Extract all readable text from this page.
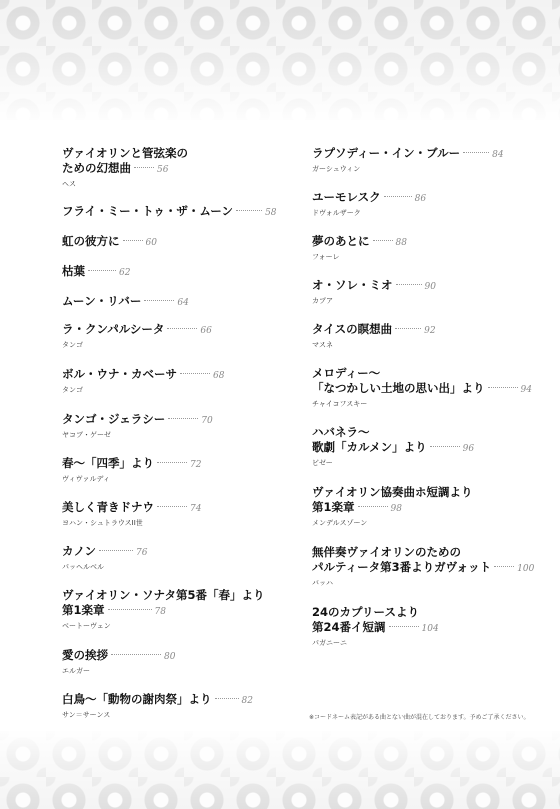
ヴァイオリンと管弦楽の
ための幻想曲	56
ヘス
フライ・ミー・トゥ・ザ・ムーン	58
虹の彼方に	60
枯葉	62
ムーン・リバー	64
ラ・クンパルシータ	66
タンゴ
ボル・ウナ・カベーサ	68
タンゴ
タンゴ・ジェラシー	70
ヤコブ・ゲーゼ
春〜「四季」より	72
ヴィヴァルディ
美しく青きドナウ	74
ヨハン・シュトラウスII世
カノン	76
パッヘルベル
ヴァイオリン・ソナタ第5番「春」より
第1楽章	78
ベートーヴェン
愛の挨拶	80
エルガー
白鳥〜「動物の謝肉祭」より	82
サン＝サーンス
ラプソディー・イン・ブルー	84
ガーシュウィン
ユーモレスク	86
ドヴォルザーク
夢のあとに	88
フォーレ
オ・ソレ・ミオ	90
カプア
タイスの瞑想曲	92
マスネ
メロディー〜
「なつかしい土地の思い出」より	94
チャイコフスキー
ハバネラ〜
歌劇「カルメン」より	96
ビゼー
ヴァイオリン協奏曲ホ短調より
第1楽章	98
メンデルスゾーン
無伴奏ヴァイオリンのための
パルティータ第3番よりガヴォット	100
バッハ
24のカプリースより
第24番イ短調	104
パガニーニ
※コードネーム表記がある曲とない曲が混在しております。予めご了承ください。
